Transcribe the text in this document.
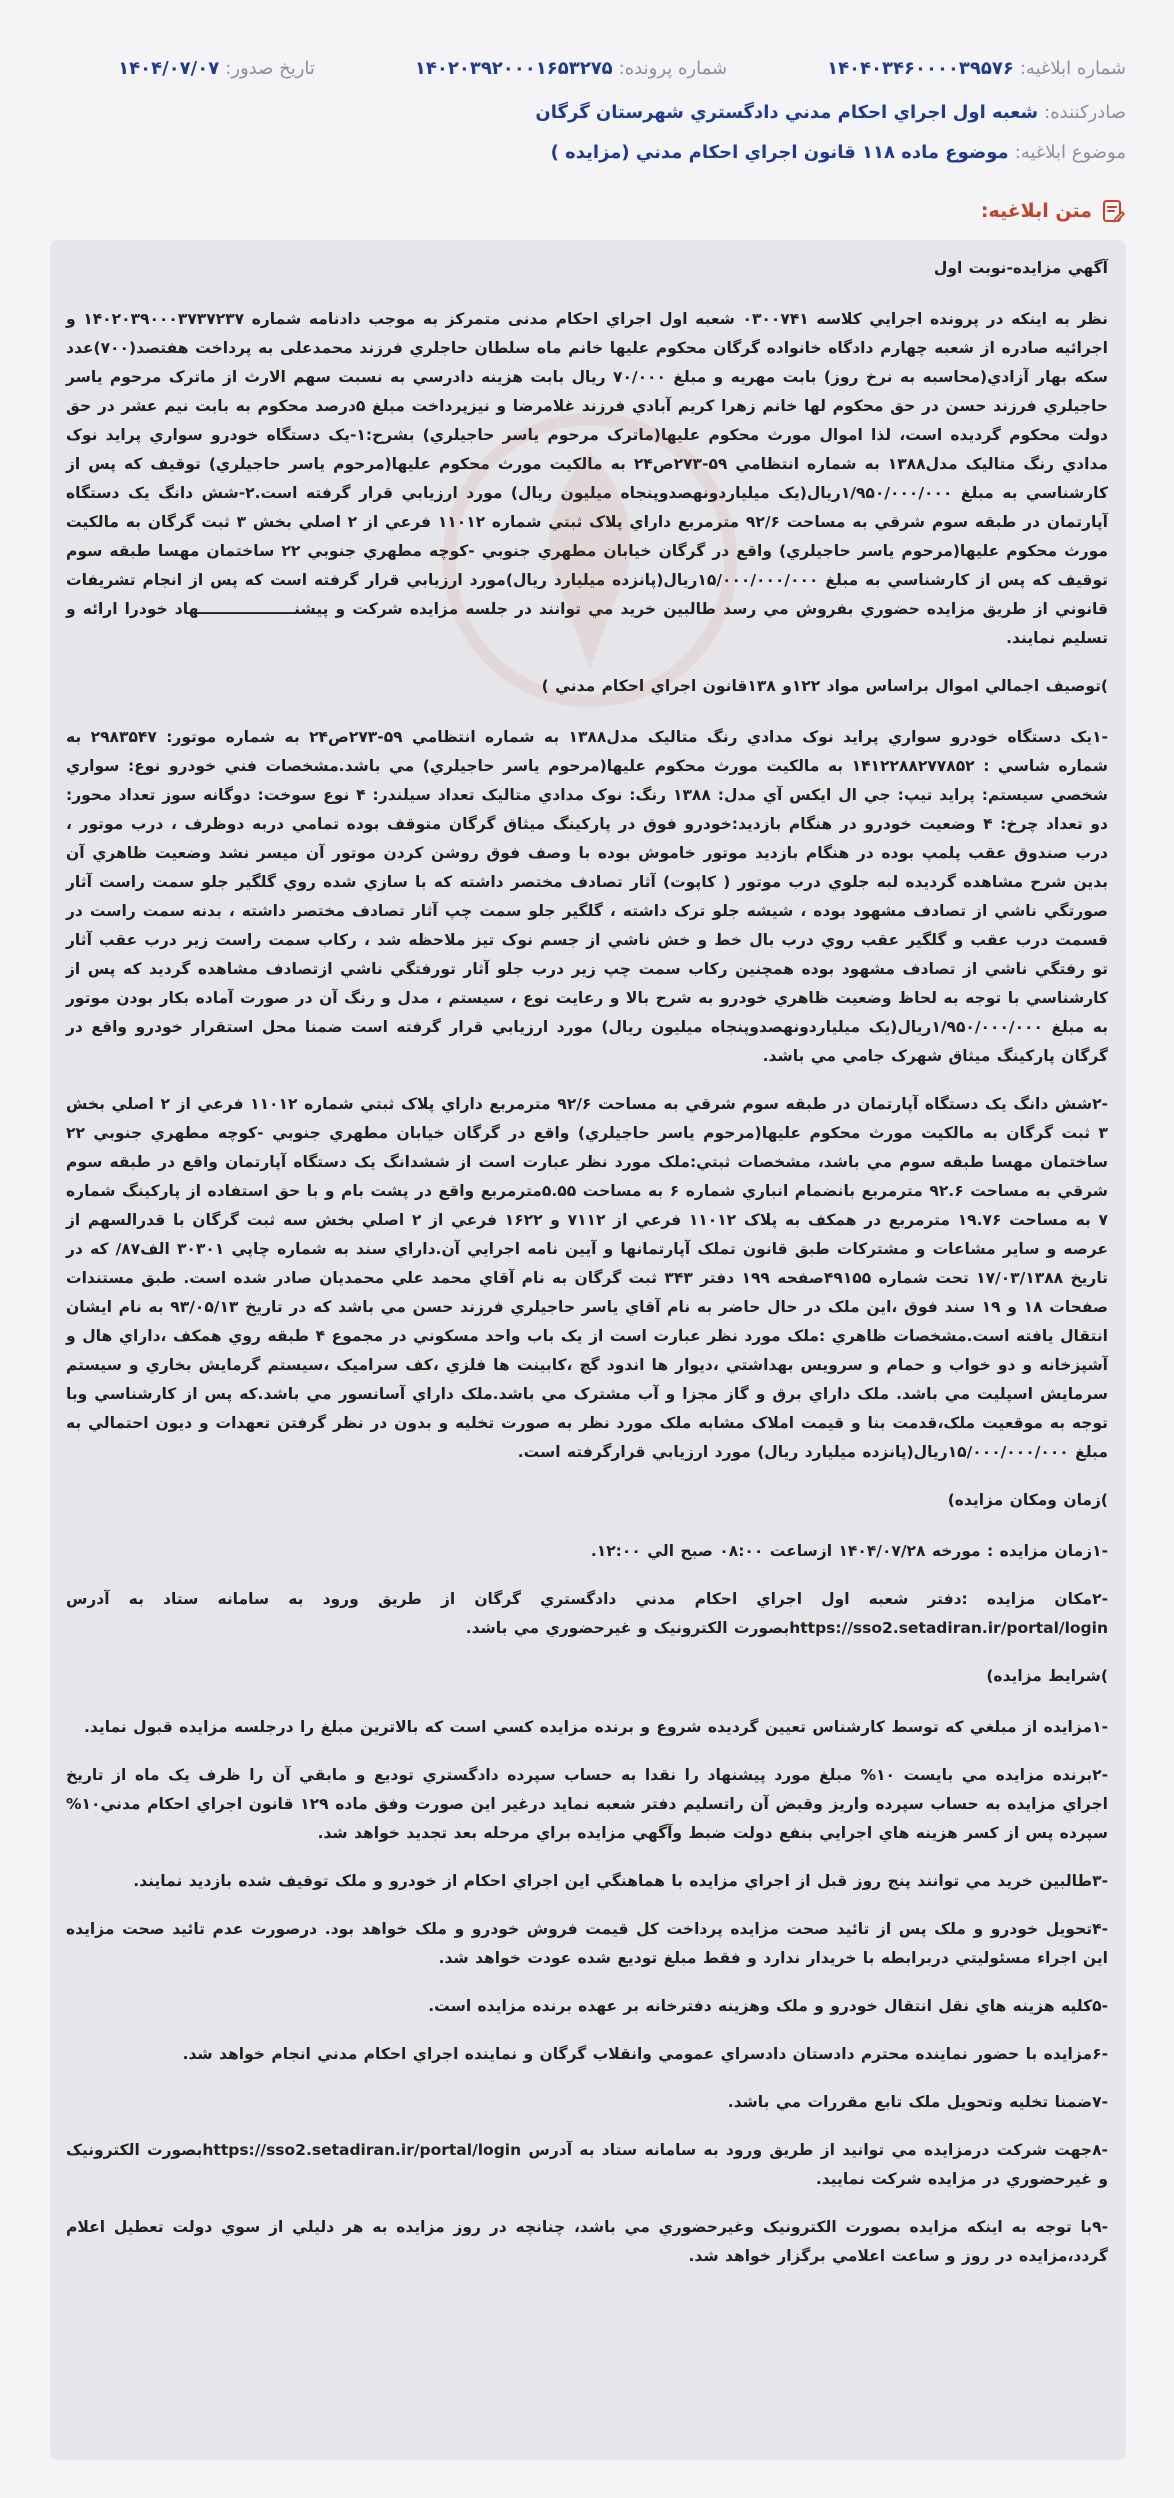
شماره ابلاغيه:
۱۴۰۴۰۳۴۶۰۰۰۰۳۹۵۷۶
شماره پرونده:
۱۴۰۲۰۳۹۲۰۰۰۱۶۵۳۲۷۵
تاريخ صدور:
۱۴۰۴/۰۷/۰۷
صادرکننده:
شعبه اول اجراي احکام مدني دادگستري شهرستان گرگان
موضوع ابلاغيه:
موضوع ماده ۱۱۸ قانون اجراي احکام مدني (مزايده )
متن ابلاغيه:

آگهي مزايده-نوبت اول

نظر به اينکه در پرونده اجرايي کلاسه ۰۳۰۰۷۴۱ شعبه اول اجراي احکام مدنی متمرکز به موجب دادنامه شماره ۱۴۰۲۰۳۹۰۰۰۳۷۳۷۲۳۷ و اجرائيه صادره از شعبه چهارم دادگاه خانواده گرگان محکوم عليها خانم ماه سلطان حاجلري فرزند محمدعلی به پرداخت هفتصد(۷۰۰)عدد سکه بهار آزادي(محاسبه به نرخ روز) بابت مهريه و مبلغ ۷۰/۰۰۰ ريال بابت هزينه دادرسي به نسبت سهم الارث از ماترک مرحوم ياسر حاجيلري فرزند حسن در حق محکوم لها خانم زهرا کريم آبادي فرزند غلامرضا و نيزپرداخت مبلغ ۵درصد محکوم به بابت نيم عشر در حق دولت محکوم گرديده است، لذا اموال مورث محکوم عليها(ماترک مرحوم ياسر حاجيلري) بشرح:۱-يک دستگاه خودرو سواري پرايد نوک مدادي رنگ متاليک مدل۱۳۸۸ به شماره انتظامي ۵۹-۲۷۳ص۲۴ به مالکيت مورث محکوم عليها(مرحوم ياسر حاجيلري) توقيف که پس از کارشناسي به مبلغ ۱/۹۵۰/۰۰۰/۰۰۰ريال(يک ميلياردونهصدوپنجاه ميليون ريال) مورد ارزيابي قرار گرفته است.۲-شش دانگ يک دستگاه آپارتمان در طبقه سوم شرقي به مساحت ۹۲/۶ مترمربع داراي پلاک ثبتي شماره ۱۱۰۱۲ فرعي از ۲ اصلي بخش ۳ ثبت گرگان به مالکيت مورث محکوم عليها(مرحوم ياسر حاجيلري) واقع در گرگان خيابان مطهري جنوبي -کوچه مطهري جنوبي ۲۲ ساختمان مهسا طبقه سوم توقيف که پس از کارشناسي به مبلغ ۱۵/۰۰۰/۰۰۰/۰۰۰ريال(پانزده ميليارد ريال)مورد ارزيابي قرار گرفته است که پس از انجام تشريفات قانوني از طريق مزايده حضوري بفروش مي رسد طالبين خريد مي توانند در جلسه مزايده شرکت و پيشنــــــــــــــــــهاد خودرا ارائه و تسليم نمايند.

)توصيف اجمالي اموال براساس مواد ۱۲۲و ۱۳۸قانون اجراي احکام مدني )

-۱يک دستگاه خودرو سواري پرايد نوک مدادي رنگ متاليک مدل۱۳۸۸ به شماره انتظامي ۵۹-۲۷۳ص۲۴ به شماره موتور: ۲۹۸۳۵۴۷ به شماره شاسي : ۱۴۱۲۲۸۸۲۷۷۸۵۲ به مالکيت مورث محکوم عليها(مرحوم ياسر حاجيلري) مي باشد.مشخصات فني خودرو نوع: سواري شخصي سيستم: پرايد تيپ: جي ال ايکس آي مدل: ۱۳۸۸ رنگ: نوک مدادي متاليک تعداد سيلندر: ۴ نوع سوخت: دوگانه سوز تعداد محور: دو تعداد چرخ: ۴ وضعيت خودرو در هنگام بازديد:خودرو فوق در پارکينگ ميثاق گرگان متوقف بوده تمامي دربه دوظرف ، درب موتور ، درب صندوق عقب پلمپ بوده در هنگام بازديد موتور خاموش بوده با وصف فوق روشن کردن موتور آن ميسر نشد وضعيت ظاهري آن بدين شرح مشاهده گرديده لبه جلوي درب موتور ( کاپوت) آثار تصادف مختصر داشته که با سازي شده روي گلگير جلو سمت راست آثار صورتگي ناشي از تصادف مشهود بوده ، شيشه جلو ترک داشته ، گلگير جلو سمت چپ آثار تصادف مختصر داشته ، بدنه سمت راست در قسمت درب عقب و گلگير عقب روي درب بال خط و خش ناشي از جسم نوک تيز ملاحظه شد ، رکاب سمت راست زير درب عقب آثار تو رفتگي ناشي از تصادف مشهود بوده همچنين رکاب سمت چپ زير درب جلو آثار تورفتگي ناشي ازتصادف مشاهده گرديد که پس از کارشناسي با توجه به لحاظ وضعيت ظاهري خودرو به شرح بالا و رعايت نوع ، سيستم ، مدل و رنگ آن در صورت آماده بکار بودن موتور به مبلغ ۱/۹۵۰/۰۰۰/۰۰۰ريال(يک ميلياردونهصدوپنجاه ميليون ريال) مورد ارزيابي قرار گرفته است ضمنا محل استقرار خودرو واقع در گرگان پارکينگ ميثاق شهرک جامي مي باشد.

-۲شش دانگ يک دستگاه آپارتمان در طبقه سوم شرقي به مساحت ۹۲/۶ مترمربع داراي پلاک ثبتي شماره ۱۱۰۱۲ فرعي از ۲ اصلي بخش ۳ ثبت گرگان به مالکيت مورث محکوم عليها(مرحوم ياسر حاجيلري) واقع در گرگان خيابان مطهري جنوبي -کوچه مطهري جنوبي ۲۲ ساختمان مهسا طبقه سوم مي باشد، مشخصات ثبتي:ملک مورد نظر عبارت است از ششدانگ يک دستگاه آپارتمان واقع در طبقه سوم شرقي به مساحت ۹۲.۶ مترمربع بانضمام انباري شماره ۶ به مساحت ۵.۵۵مترمربع واقع در پشت بام و با حق استفاده از پارکينگ شماره ۷ به مساحت ۱۹.۷۶ مترمربع در همکف به پلاک ۱۱۰۱۲ فرعي از ۷۱۱۲ و ۱۶۲۲ فرعي از ۲ اصلي بخش سه ثبت گرگان با قدرالسهم از عرصه و ساير مشاعات و مشترکات طبق قانون تملک آپارتمانها و آيين نامه اجرايي آن.داراي سند به شماره چاپي ۳۰۳۰۱ الف۸۷/ که در تاريخ ۱۷/۰۳/۱۳۸۸ تحت شماره ۴۹۱۵۵صفحه ۱۹۹ دفتر ۳۴۳ ثبت گرگان به نام آقاي محمد علي محمديان صادر شده است. طبق مستندات صفحات ۱۸ و ۱۹ سند فوق ،اين ملک در حال حاضر به نام آقاي ياسر حاجيلري فرزند حسن مي باشد که در تاريخ ۹۳/۰۵/۱۳ به نام ايشان انتقال يافته است.مشخصات ظاهري :ملک مورد نظر عبارت است از يک باب واحد مسکوني در مجموع ۴ طبقه روي همکف ،داراي هال و آشپزخانه و دو خواب و حمام و سرويس بهداشتي ،ديوار ها اندود گچ ،کابينت ها فلزي ،کف سراميک ،سيستم گرمايش بخاري و سيستم سرمايش اسپليت مي باشد. ملک داراي برق و گاز مجزا و آب مشترک مي باشد.ملک داراي آسانسور مي باشد.که پس از کارشناسي وبا توجه به موقعيت ملک،قدمت بنا و قيمت املاک مشابه ملک مورد نظر به صورت تخليه و بدون در نظر گرفتن تعهدات و ديون احتمالي به مبلغ ۱۵/۰۰۰/۰۰۰/۰۰۰ريال(پانزده ميليارد ريال) مورد ارزيابي قرارگرفته است.

)زمان ومکان مزايده)

-۱زمان مزايده : مورخه ۱۴۰۴/۰۷/۲۸ ازساعت ۰۸:۰۰ صبح الي ۱۲:۰۰.

-۲مکان مزايده :دفتر شعبه اول اجراي احکام مدني دادگستري گرگان از طريق ورود به سامانه ستاد به آدرس https://sso2.setadiran.ir/portal/loginبصورت الکترونيک و غيرحضوري مي باشد.

)شرايط مزايده)

-۱مزايده از مبلغي که توسط کارشناس تعيين گرديده شروع و برنده مزايده کسي است که بالاترين مبلغ را درجلسه مزايده قبول نمايد.

-۲برنده مزايده مي بايست ۱۰% مبلغ مورد پيشنهاد را نقدا به حساب سپرده دادگستري توديع و مابقي آن را ظرف يک ماه از تاريخ اجراي مزايده به حساب سپرده واريز وقبض آن راتسليم دفتر شعبه نمايد درغير اين صورت وفق ماده ۱۲۹ قانون اجراي احکام مدني۱۰% سپرده پس از کسر هزينه هاي اجرايي بنفع دولت ضبط وآگهي مزايده براي مرحله بعد تجديد خواهد شد.

-۳طالبين خريد مي توانند پنج روز قبل از اجراي مزايده با هماهنگي اين اجراي احکام از خودرو و ملک توقيف شده بازديد نمايند.

-۴تحويل خودرو و ملک پس از تائيد صحت مزايده پرداخت کل قيمت فروش خودرو و ملک خواهد بود. درصورت عدم تائيد صحت مزايده اين اجراء مسئوليتي دربرابطه با خريدار ندارد و فقط مبلغ توديع شده عودت خواهد شد.

-۵کليه هزينه هاي نقل انتقال خودرو و ملک وهزينه دفترخانه بر عهده برنده مزايده است.

-۶مزايده با حضور نماينده محترم دادستان دادسراي عمومي وانقلاب گرگان و نماينده اجراي احکام مدني انجام خواهد شد.

-۷ضمنا تخليه وتحويل ملک تابع مقررات مي باشد.

-۸جهت شرکت درمزايده مي توانيد از طريق ورود به سامانه ستاد به آدرس https://sso2.setadiran.ir/portal/loginبصورت الکترونيک و غيرحضوري در مزايده شرکت نماييد.

-۹با توجه به اينکه مزايده بصورت الکترونيک وغيرحضوري مي باشد، چنانچه در روز مزايده به هر دليلي از سوي دولت تعطيل اعلام گردد،مزايده در روز و ساعت اعلامي برگزار خواهد شد.
